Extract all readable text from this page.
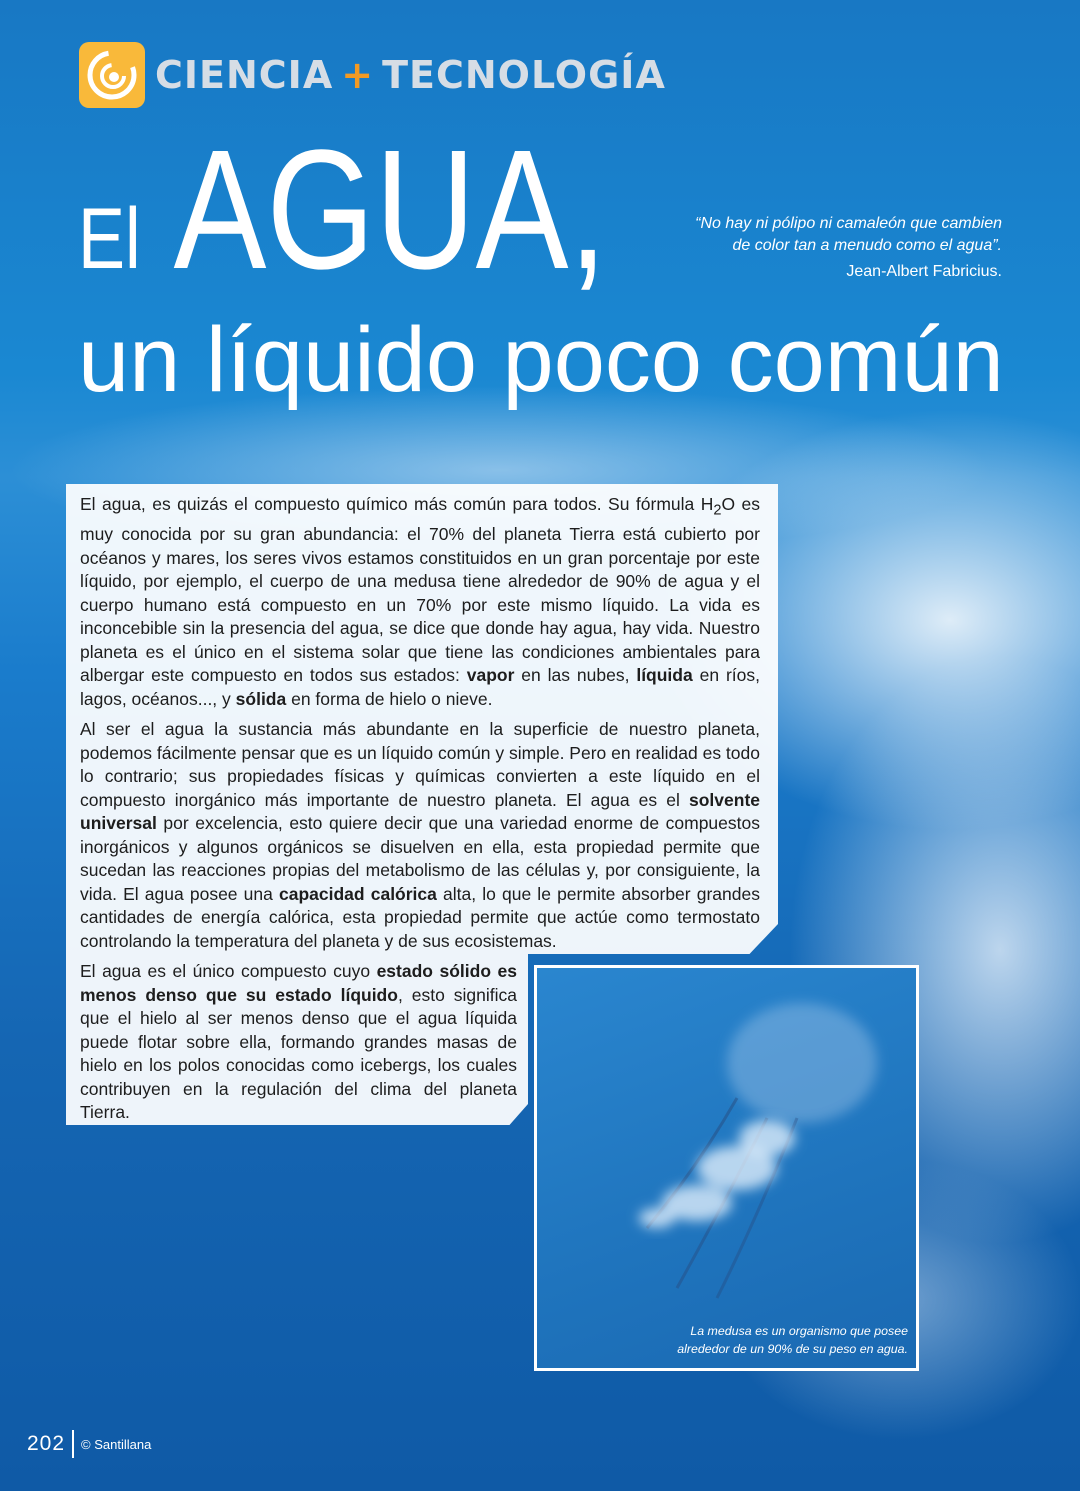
CIENCIA + TECNOLOGÍA
El AGUA,
un líquido poco común
“No hay ni pólipo ni camaleón que cambien
de color tan a menudo como el agua”.
Jean-Albert Fabricius.

El agua, es quizás el compuesto químico más común para todos. Su fórmula $H_2O$ es muy conocida por su gran abundancia: el 70% del planeta Tierra está cubierto por océanos y mares, los seres vivos estamos constituidos en un gran porcentaje por este líquido, por ejemplo, el cuerpo de una medusa tiene alrededor de 90% de agua y el cuerpo humano está compuesto en un 70% por este mismo líquido. La vida es inconcebible sin la presencia del agua, se dice que donde hay agua, hay vida. Nuestro planeta es el único en el sistema solar que tiene las condiciones ambientales para albergar este compuesto en todos sus estados: vapor en las nubes, líquida en ríos, lagos, océanos..., y sólida en forma de hielo o nieve.

Al ser el agua la sustancia más abundante en la superficie de nuestro planeta, podemos fácilmente pensar que es un líquido común y simple. Pero en realidad es todo lo contrario; sus propiedades físicas y químicas convierten a este líquido en el compuesto inorgánico más importante de nuestro planeta. El agua es el solvente universal por excelencia, esto quiere decir que una variedad enorme de compuestos inorgánicos y algunos orgánicos se disuelven en ella, esta propiedad permite que sucedan las reacciones propias del metabolismo de las células y, por consiguiente, la vida. El agua posee una capacidad calórica alta, lo que le permite absorber grandes cantidades de energía calórica, esta propiedad permite que actúe como termostato controlando la temperatura del planeta y de sus ecosistemas.

El agua es el único compuesto cuyo estado sólido es menos denso que su estado líquido, esto significa que el hielo al ser menos denso que el agua líquida puede flotar sobre ella, formando grandes masas de hielo en los polos conocidas como icebergs, los cuales contribuyen en la regulación del clima del planeta Tierra.

La medusa es un organismo que posee
alrededor de un 90% de su peso en agua.
202 © Santillana
